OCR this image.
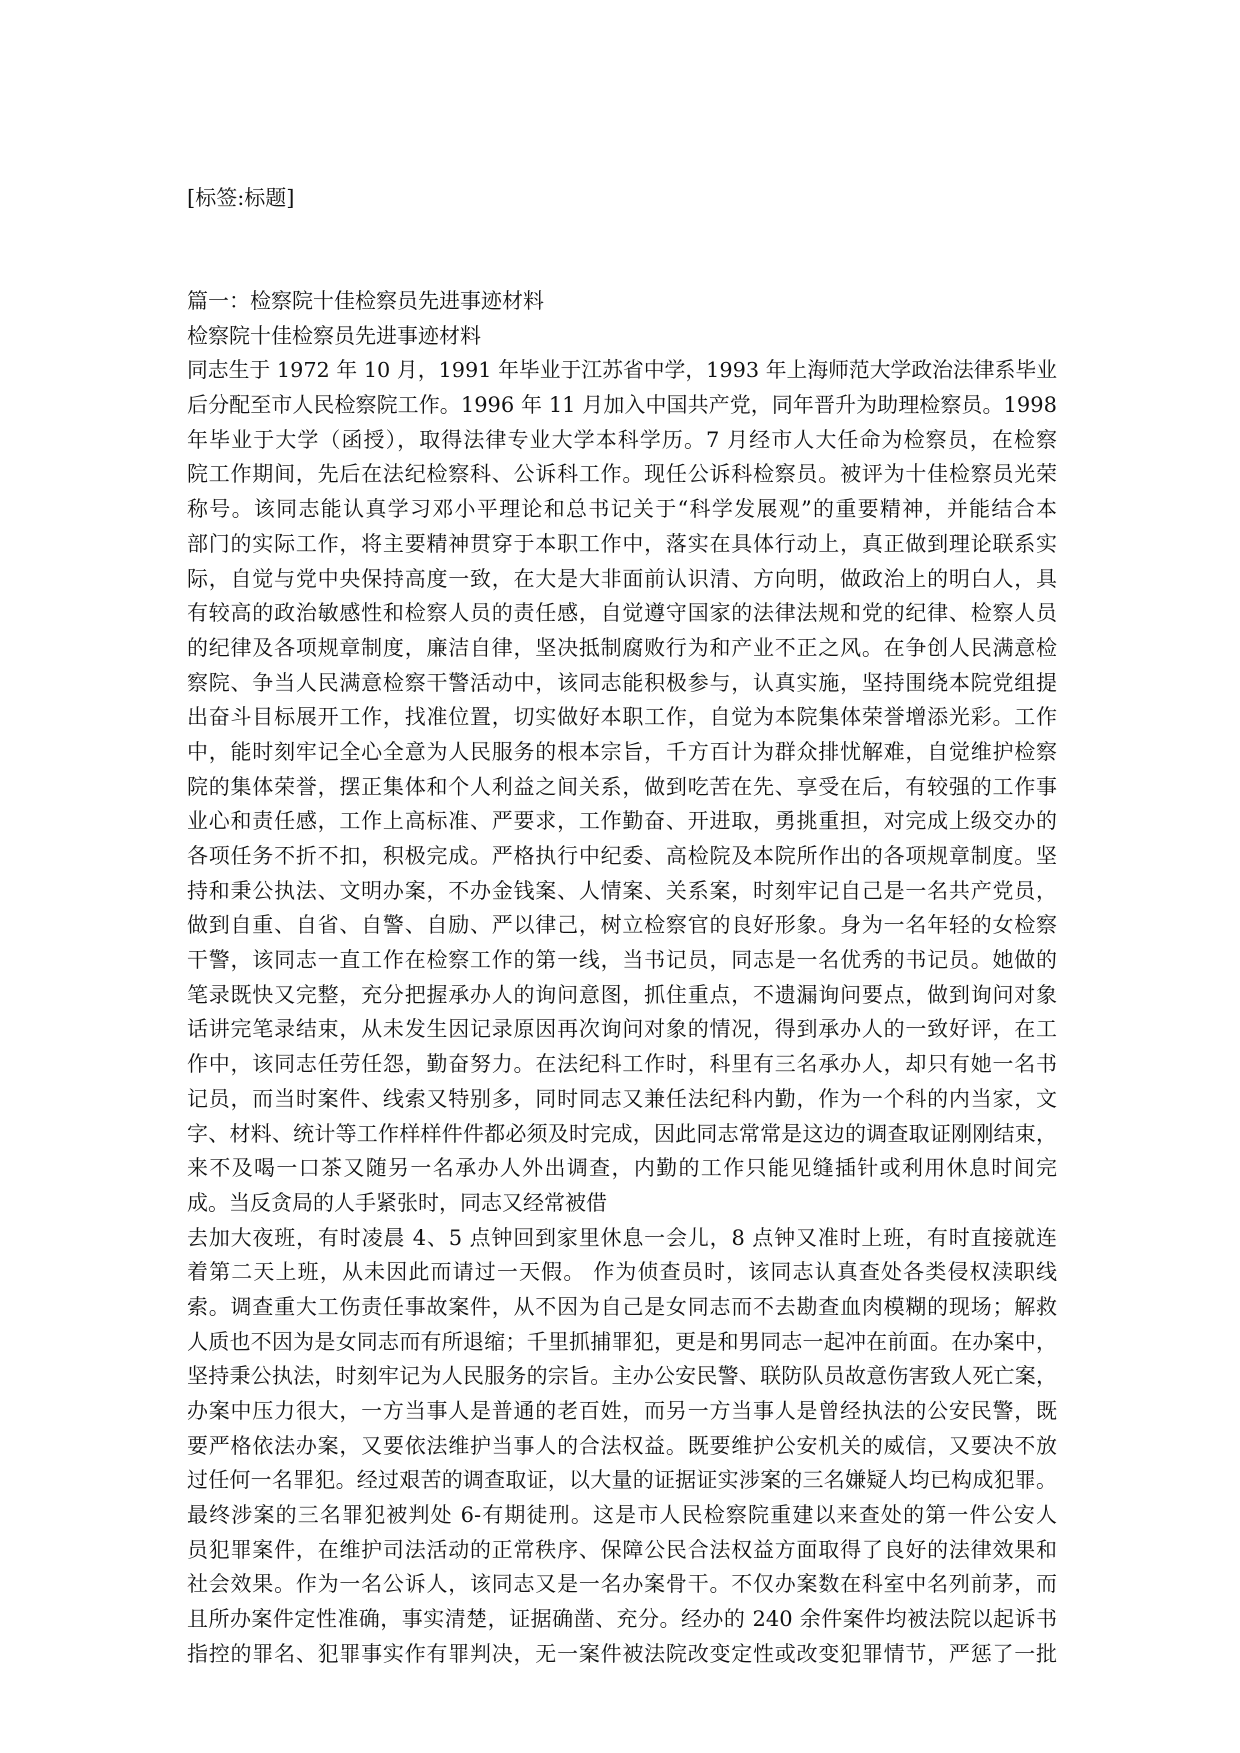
[标签:标题]
篇一：检察院十佳检察员先进事迹材料
检察院十佳检察员先进事迹材料
同志生于 1972 年 10 月，1991 年毕业于江苏省中学，1993 年上海师范大学政治法律系毕业
后分配至市人民检察院工作。1996 年 11 月加入中国共产党，同年晋升为助理检察员。1998
年毕业于大学（函授），取得法律专业大学本科学历。7 月经市人大任命为检察员，在检察
院工作期间，先后在法纪检察科、公诉科工作。现任公诉科检察员。被评为十佳检察员光荣
称号。该同志能认真学习邓小平理论和总书记关于“科学发展观”的重要精神，并能结合本
部门的实际工作，将主要精神贯穿于本职工作中，落实在具体行动上，真正做到理论联系实
际，自觉与党中央保持高度一致，在大是大非面前认识清、方向明，做政治上的明白人，具
有较高的政治敏感性和检察人员的责任感，自觉遵守国家的法律法规和党的纪律、检察人员
的纪律及各项规章制度，廉洁自律，坚决抵制腐败行为和产业不正之风。在争创人民满意检
察院、争当人民满意检察干警活动中，该同志能积极参与，认真实施，坚持围绕本院党组提
出奋斗目标展开工作，找准位置，切实做好本职工作，自觉为本院集体荣誉增添光彩。工作
中，能时刻牢记全心全意为人民服务的根本宗旨，千方百计为群众排忧解难，自觉维护检察
院的集体荣誉，摆正集体和个人利益之间关系，做到吃苦在先、享受在后，有较强的工作事
业心和责任感，工作上高标准、严要求，工作勤奋、开进取，勇挑重担，对完成上级交办的
各项任务不折不扣，积极完成。严格执行中纪委、高检院及本院所作出的各项规章制度。坚
持和秉公执法、文明办案，不办金钱案、人情案、关系案，时刻牢记自己是一名共产党员，
做到自重、自省、自警、自励、严以律己，树立检察官的良好形象。身为一名年轻的女检察
干警，该同志一直工作在检察工作的第一线，当书记员，同志是一名优秀的书记员。她做的
笔录既快又完整，充分把握承办人的询问意图，抓住重点，不遗漏询问要点，做到询问对象
话讲完笔录结束，从未发生因记录原因再次询问对象的情况，得到承办人的一致好评，在工
作中，该同志任劳任怨，勤奋努力。在法纪科工作时，科里有三名承办人，却只有她一名书
记员，而当时案件、线索又特别多，同时同志又兼任法纪科内勤，作为一个科的内当家，文
字、材料、统计等工作样样件件都必须及时完成，因此同志常常是这边的调查取证刚刚结束，
来不及喝一口茶又随另一名承办人外出调查，内勤的工作只能见缝插针或利用休息时间完
成。当反贪局的人手紧张时，同志又经常被借
去加大夜班，有时凌晨 4、5 点钟回到家里休息一会儿，8 点钟又准时上班，有时直接就连
着第二天上班，从未因此而请过一天假。 作为侦查员时，该同志认真查处各类侵权渎职线
索。调查重大工伤责任事故案件，从不因为自己是女同志而不去勘查血肉模糊的现场；解救
人质也不因为是女同志而有所退缩；千里抓捕罪犯，更是和男同志一起冲在前面。在办案中，
坚持秉公执法，时刻牢记为人民服务的宗旨。主办公安民警、联防队员故意伤害致人死亡案，
办案中压力很大，一方当事人是普通的老百姓，而另一方当事人是曾经执法的公安民警，既
要严格依法办案，又要依法维护当事人的合法权益。既要维护公安机关的威信，又要决不放
过任何一名罪犯。经过艰苦的调查取证，以大量的证据证实涉案的三名嫌疑人均已构成犯罪。
最终涉案的三名罪犯被判处 6-有期徒刑。这是市人民检察院重建以来查处的第一件公安人
员犯罪案件，在维护司法活动的正常秩序、保障公民合法权益方面取得了良好的法律效果和
社会效果。作为一名公诉人，该同志又是一名办案骨干。不仅办案数在科室中名列前茅，而
且所办案件定性准确，事实清楚，证据确凿、充分。经办的 240 余件案件均被法院以起诉书
指控的罪名、犯罪事实作有罪判决，无一案件被法院改变定性或改变犯罪情节，严惩了一批
